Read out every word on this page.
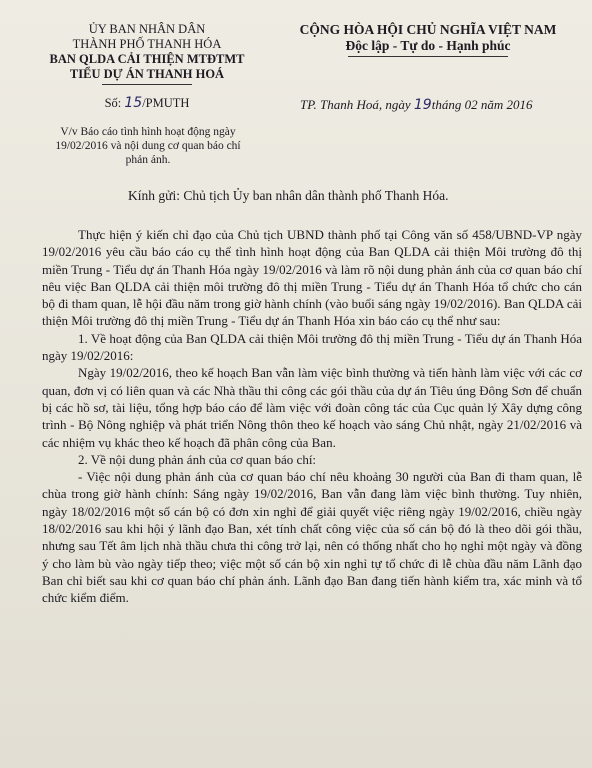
ỦY BAN NHÂN DÂN
THÀNH PHỐ THANH HÓA
BAN QLDA CẢI THIỆN MTĐTMT
TIỂU DỰ ÁN THANH HOÁ
CỘNG HÒA HỘI CHỦ NGHĨA VIỆT NAM
Độc lập - Tự do - Hạnh phúc
Số: 15/PMUTH	TP. Thanh Hoá, ngày 19tháng 02 năm 2016
V/v Báo cáo tình hình hoạt động ngày
19/02/2016 và nội dung cơ quan báo chí
phản ánh.
Kính gửi: Chủ tịch Ủy ban nhân dân thành phố Thanh Hóa.

Thực hiện ý kiến chỉ đạo của Chủ tịch UBND thành phố tại Công văn số 458/UBND-VP ngày 19/02/2016 yêu cầu báo cáo cụ thể tình hình hoạt động của Ban QLDA cải thiện Môi trường đô thị miền Trung - Tiểu dự án Thanh Hóa ngày 19/02/2016 và làm rõ nội dung phản ánh của cơ quan báo chí nêu việc Ban QLDA cải thiện môi trường đô thị miền Trung - Tiểu dự án Thanh Hóa tổ chức cho cán bộ đi tham quan, lễ hội đầu năm trong giờ hành chính (vào buổi sáng ngày 19/02/2016). Ban QLDA cải thiện Môi trường đô thị miền Trung - Tiểu dự án Thanh Hóa xin báo cáo cụ thể như sau:

1. Về hoạt động của Ban QLDA cải thiện Môi trường đô thị miền Trung - Tiểu dự án Thanh Hóa ngày 19/02/2016:

Ngày 19/02/2016, theo kế hoạch Ban vẫn làm việc bình thường và tiến hành làm việc với các cơ quan, đơn vị có liên quan và các Nhà thầu thi công các gói thầu của dự án Tiêu úng Đông Sơn để chuẩn bị các hồ sơ, tài liệu, tổng hợp báo cáo để làm việc với đoàn công tác của Cục quản lý Xây dựng công trình - Bộ Nông nghiệp và phát triển Nông thôn theo kế hoạch vào sáng Chủ nhật, ngày 21/02/2016 và các nhiệm vụ khác theo kế hoạch đã phân công của Ban.

2. Về nội dung phản ánh của cơ quan báo chí:

- Việc nội dung phản ánh của cơ quan báo chí nêu khoảng 30 người của Ban đi tham quan, lễ chùa trong giờ hành chính: Sáng ngày 19/02/2016, Ban vẫn đang làm việc bình thường. Tuy nhiên, ngày 18/02/2016 một số cán bộ có đơn xin nghỉ để giải quyết việc riêng ngày 19/02/2016, chiều ngày 18/02/2016 sau khi hội ý lãnh đạo Ban, xét tính chất công việc của số cán bộ đó là theo dõi gói thầu, nhưng sau Tết âm lịch nhà thầu chưa thi công trở lại, nên có thống nhất cho họ nghỉ một ngày và đồng ý cho làm bù vào ngày tiếp theo; việc một số cán bộ xin nghỉ tự tổ chức đi lễ chùa đầu năm Lãnh đạo Ban chỉ biết sau khi cơ quan báo chí phản ánh. Lãnh đạo Ban đang tiến hành kiểm tra, xác minh và tổ chức kiểm điểm.
